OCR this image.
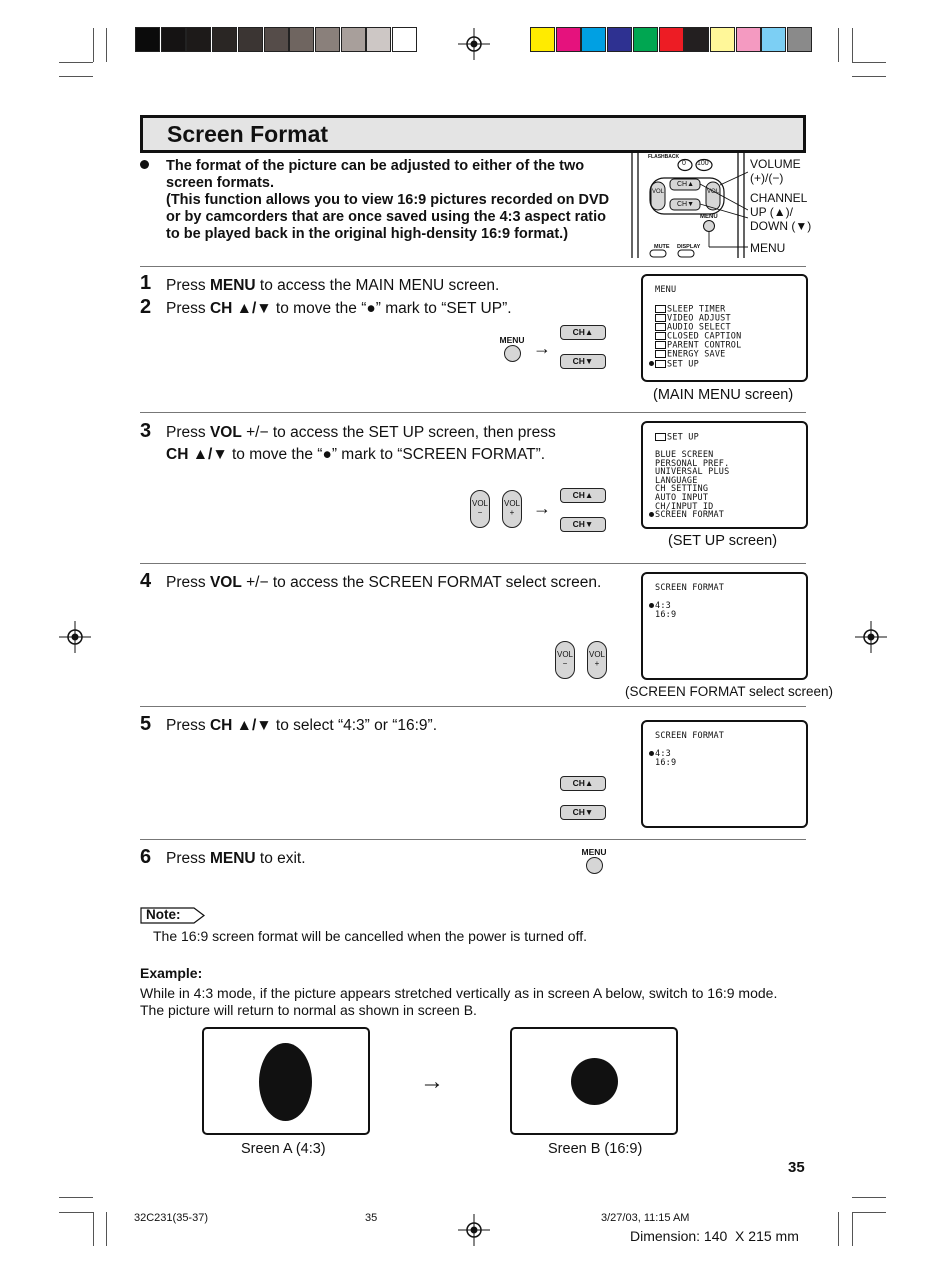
Screen Format

The format of the picture can be adjusted to either of the two screen formats.

(This function allows you to view 16:9 pictures recorded on DVD or by camcorders that are once saved using the 4:3 aspect ratio to be played back in the original high-density 16:9 format.)

FLASHBACK
0 100
CH▲
CH▼
VOL	VOL
MENU
MUTE DISPLAY
VOLUME
(+)/(−)
CHANNEL
UP (▲)/
DOWN (▼)
MENU
1 Press MENU to access the MAIN MENU screen.
2 Press CH ▲/▼ to move the “●” mark to “SET UP”.
MENU →
CH▲
CH▼
MENU
SLEEP TIMER
VIDEO ADJUST
AUDIO SELECT
CLOSED CAPTION
PARENT CONTROL
ENERGY SAVE
SET UP
(MAIN MENU screen)
3 Press VOL +/− to access the SET UP screen, then press
CH ▲/▼ to move the “●” mark to “SCREEN FORMAT”.
VOL
−
VOL
+	→
CH▲
CH▼
SET UP
BLUE SCREEN
PERSONAL PREF.
UNIVERSAL PLUS
LANGUAGE
CH SETTING
AUTO INPUT
CH/INPUT ID
SCREEN FORMAT
(SET UP screen)
4 Press VOL +/− to access the SCREEN FORMAT select screen.
VOL
−
VOL
+
SCREEN FORMAT
4:3
16:9
(SCREEN FORMAT select screen)
5 Press CH ▲/▼ to select “4:3” or “16:9”.
CH▲
CH▼
SCREEN FORMAT
4:3
16:9
6 Press MENU to exit.	MENU
Note:
The 16:9 screen format will be cancelled when the power is turned off.
Example:

While in 4:3 mode, if the picture appears stretched vertically as in screen A below, switch to 16:9 mode.

The picture will return to normal as shown in screen B.

→
Sreen A (4:3)	Sreen B (16:9)
35
32C231(35-37)	35	3/27/03, 11:15 AM
Dimension: 140  X 215 mm
